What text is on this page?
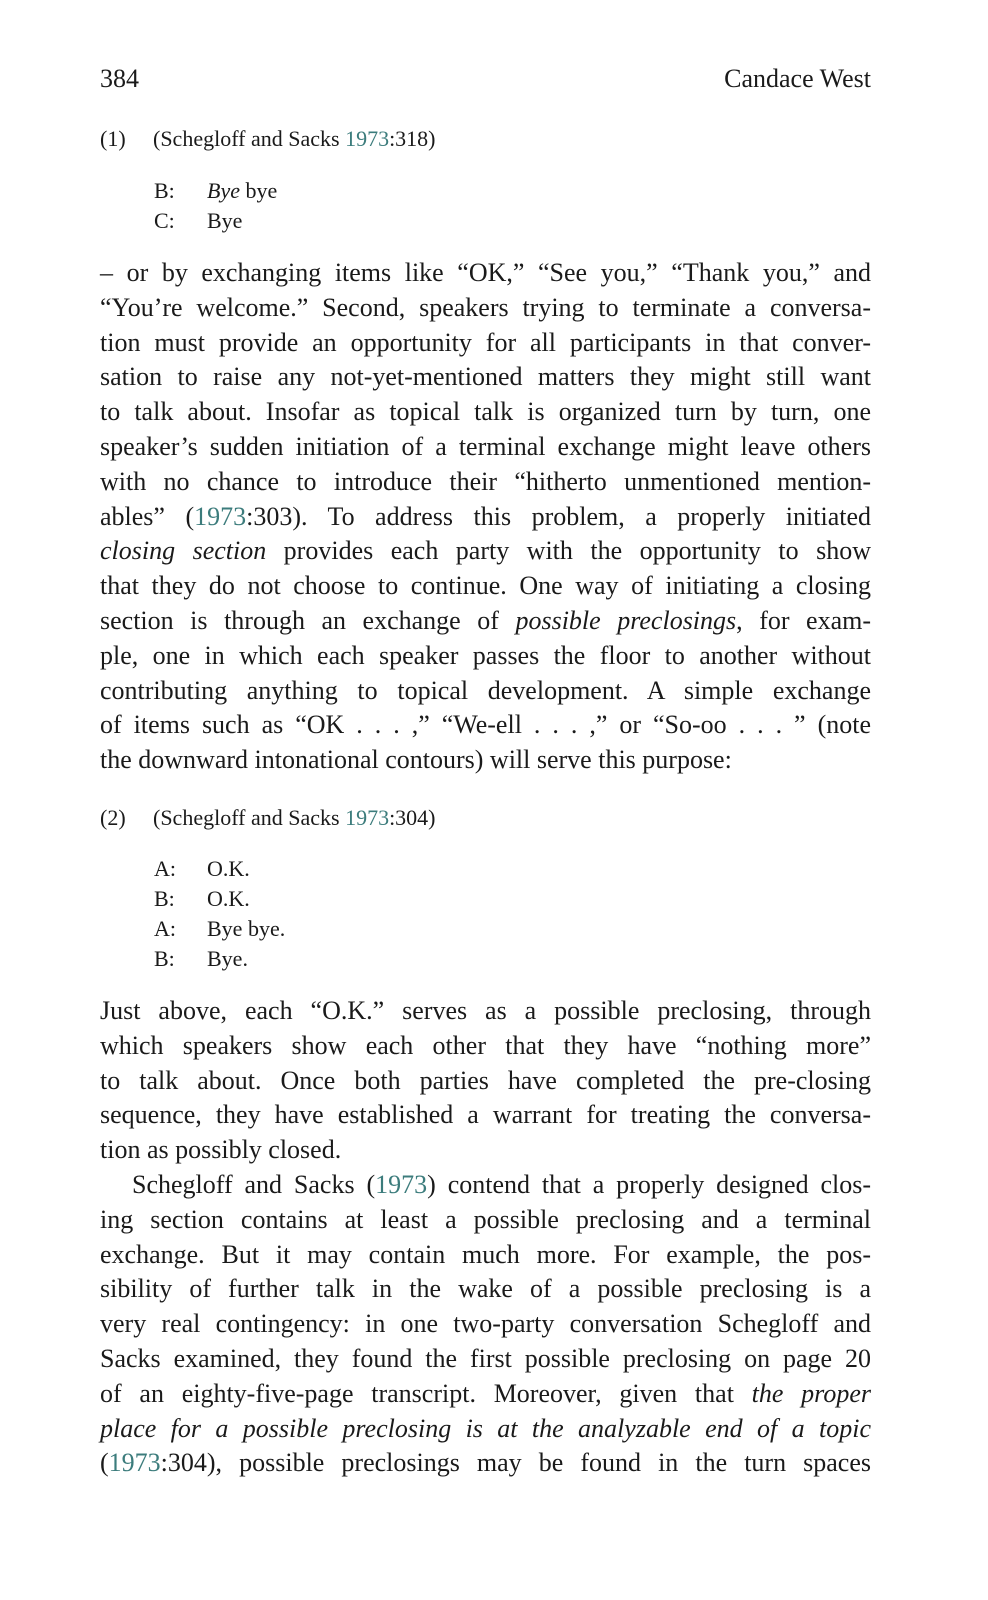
384	Candace West
(1) (Schegloff and Sacks 1973:318)
B: Bye bye
C: Bye
– or by exchanging items like “OK,” “See you,” “Thank you,” and
“You’re welcome.” Second, speakers trying to terminate a conversa-
tion must provide an opportunity for all participants in that conver-
sation to raise any not-yet-mentioned matters they might still want
to talk about. Insofar as topical talk is organized turn by turn, one
speaker’s sudden initiation of a terminal exchange might leave others
with no chance to introduce their “hitherto unmentioned mention-
ables” (1973:303). To address this problem, a properly initiated
closing section provides each party with the opportunity to show
that they do not choose to continue. One way of initiating a closing
section is through an exchange of possible preclosings, for exam-
ple, one in which each speaker passes the floor to another without
contributing anything to topical development. A simple exchange
of items such as “OK . . . ,” “We-ell . . . ,” or “So-oo . . . ” (note
the downward intonational contours) will serve this purpose:
(2) (Schegloff and Sacks 1973:304)
A: O.K.
B: O.K.
A: Bye bye.
B: Bye.
Just above, each “O.K.” serves as a possible preclosing, through
which speakers show each other that they have “nothing more”
to talk about. Once both parties have completed the pre-closing
sequence, they have established a warrant for treating the conversa-
tion as possibly closed.
Schegloff and Sacks (1973) contend that a properly designed clos-
ing section contains at least a possible preclosing and a terminal
exchange. But it may contain much more. For example, the pos-
sibility of further talk in the wake of a possible preclosing is a
very real contingency: in one two-party conversation Schegloff and
Sacks examined, they found the first possible preclosing on page 20
of an eighty-five-page transcript. Moreover, given that the proper
place for a possible preclosing is at the analyzable end of a topic
(1973:304), possible preclosings may be found in the turn spaces
